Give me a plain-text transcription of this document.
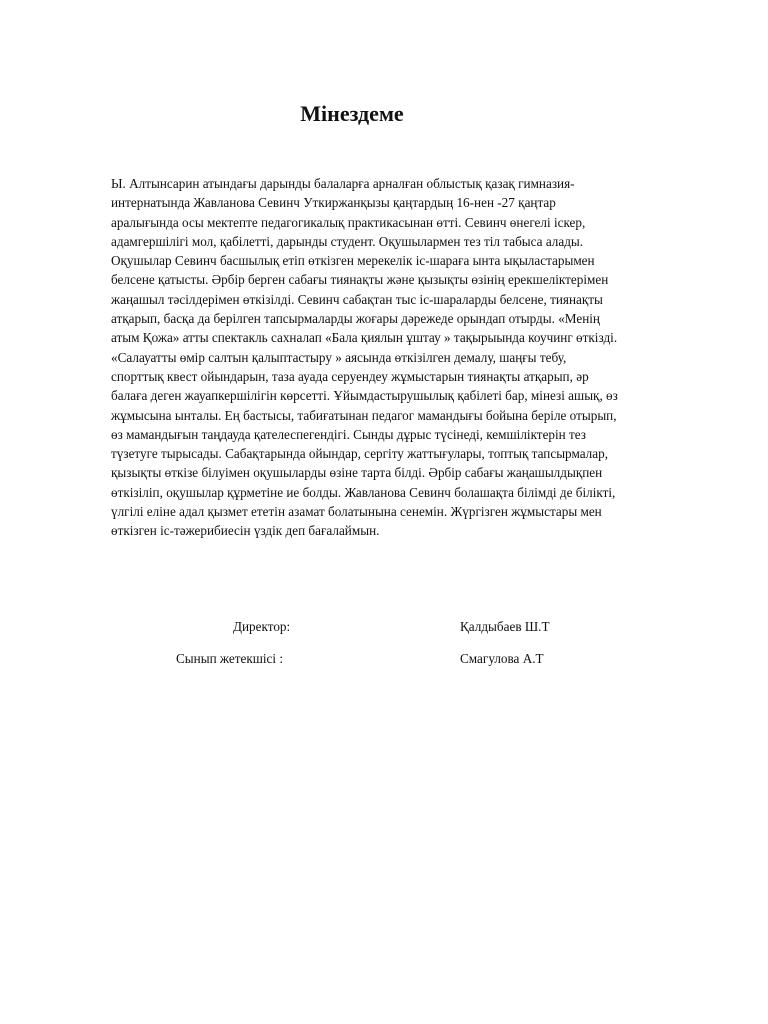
Мінездеме
Ы. Алтынсарин атындағы дарынды балаларға арналған облыстық қазақ гимназия-
интернатында Жавланова Севинч Уткиржанқызы қаңтардың 16-нен -27 қаңтар
аралығында осы мектепте педагогикалық практикасынан өтті. Севинч өнегелі іскер,
адамгершілігі мол, қабілетті, дарынды студент. Оқушылармен тез тіл табыса алады.
Оқушылар Севинч басшылық етіп өткізген мерекелік іс-шараға ынта ықыластарымен
белсене қатысты. Әрбір берген сабағы тиянақты және қызықты өзінің ерекшеліктерімен
жаңашыл тәсілдерімен өткізілді. Севинч сабақтан тыс іс-шараларды белсене, тиянақты
атқарып, басқа да берілген тапсырмаларды жоғары дәрежеде орындап отырды. «Менің
атым Қожа» атты спектакль сахналап «Бала қиялын ұштау » тақырыында коучинг өткізді.
«Салауатты өмір салтын қалыптастыру » аясында өткізілген демалу, шаңғы тебу,
спорттық квест ойындарын, таза ауада серуендеу жұмыстарын тиянақты атқарып, әр
балаға деген жауапкершілігін көрсетті. Ұйымдастырушылық қабілеті бар, мінезі ашық, өз
жұмысына ынталы. Ең бастысы, табиғатынан педагог мамандығы бойына беріле отырып,
өз мамандығын таңдауда қателеспегендігі. Сынды дұрыс түсінеді, кемшіліктерін тез
түзетуге тырысады. Сабақтарында ойындар, сергіту жаттығулары, топтық тапсырмалар,
қызықты өткізе білуімен оқушыларды өзіне тарта білді. Әрбір сабағы жаңашылдықпен
өткізіліп, оқушылар құрметіне ие болды. Жавланова Севинч болашақта білімді де білікті,
үлгілі еліне адал қызмет ететін азамат болатынына сенемін. Жүргізген жұмыстары мен
өткізген іс-тәжерибиесін үздік деп бағалаймын.
Директор:	Қалдыбаев Ш.Т
Сынып жетекшісі :	Смагулова А.Т
